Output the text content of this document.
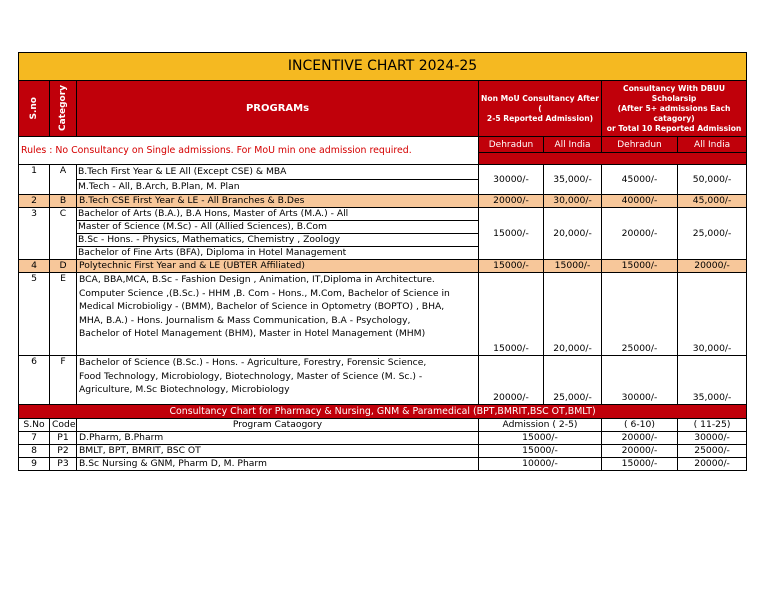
INCENTIVE CHART 2024-25						

S.no	Category	PROGRAMs	Non MoU Consultancy After (
2-5 Reported Admission)		Consultancy With DBUU Scholarsip
(After 5+ admissions Each catagory)
or Total 10 Reported Admission	
Rules : No Consultancy on Single admissions. For MoU min one admission required.			Dehradun	All India	Dehradun	All India

1	A	B.Tech First Year & LE All (Except CSE) & MBA
M.Tech - All, B.Arch, B.Plan, M. Plan	30000/-	35,000/-	45000/-	50,000/-
2	B	B.Tech CSE First Year & LE - All Branches & B.Des	20000/-	30,000/-	40000/-	45,000/-
3	C	Bachelor of Arts (B.A.), B.A Hons, Master of Arts (M.A.) - All
Master of Science (M.Sc) - All (Allied Sciences), B.Com
B.Sc - Hons. - Physics, Mathematics, Chemistry , Zoology
Bachelor of Fine Arts (BFA), Diploma in Hotel Management	15000/-	20,000/-	20000/-	25,000/-
4	D	Polytechnic First Year and & LE (UBTER Affiliated)	15000/-	15000/-	15000/-	20000/-
5	E	BCA, BBA,MCA, B.Sc - Fashion Design , Animation, IT,Diploma in Architecture.
Computer Science ,(B.Sc.) - HHM ,B. Com - Hons., M.Com, Bachelor of Science in
Medical Microbioligy - (BMM), Bachelor of Science in Optometry (BOPTO) , BHA,
MHA, B.A.) - Hons. Journalism & Mass Communication, B.A - Psychology,
Bachelor of Hotel Management (BHM), Master in Hotel Management (MHM)	15000/-	20,000/-	25000/-	30,000/-
6	F	Bachelor of Science (B.Sc.) - Hons. - Agriculture, Forestry, Forensic Science,
Food Technology, Microbiology, Biotechnology, Master of Science (M. Sc.) -
Agriculture, M.Sc Biotechnology, Microbiology	20000/-	25,000/-	30000/-	35,000/-
Consultancy Chart for Pharmacy & Nursing, GNM & Paramedical (BPT,BMRIT,BSC OT,BMLT)						
S.No	Code	Program Cataogory	Admission ( 2-5)		( 6-10)	( 11-25)
7	P1	D.Pharm, B.Pharm	15000/-		20000/-	30000/-
8	P2	BMLT, BPT, BMRIT, BSC OT	15000/-		20000/-	25000/-
9	P3	B.Sc Nursing & GNM, Pharm D, M. Pharm	10000/-		15000/-	20000/-
